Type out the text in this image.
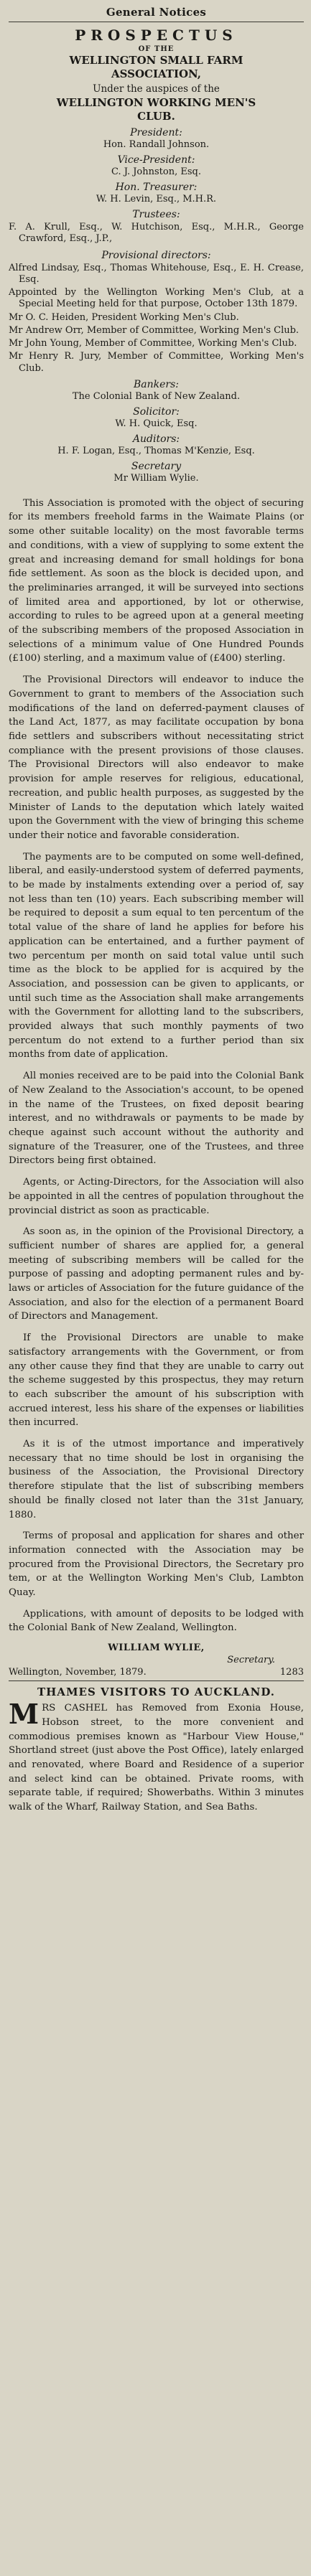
General Notices
PROSPECTUS
OF THE
WELLINGTON SMALL FARM
ASSOCIATION,
Under the auspices of the
WELLINGTON WORKING MEN'S
CLUB.
President:
Hon. Randall Johnson.
Vice-President:
C. J. Johnston, Esq.
Hon. Treasurer:
W. H. Levin, Esq., M.H.R.
Trustees:
F. A. Krull, Esq., W. Hutchison, Esq., M.H.R., George Crawford, Esq., J.P.,
Provisional directors:
Alfred Lindsay, Esq., Thomas Whitehouse, Esq., E. H. Crease, Esq.
Appointed by the Wellington Working Men's Club, at a Special Meeting held for that purpose, October 13th 1879.
Mr O. C. Heiden, President Working Men's Club.
Mr Andrew Orr, Member of Committee, Working Men's Club.
Mr John Young, Member of Committee, Working Men's Club.
Mr Henry R. Jury, Member of Committee, Working Men's Club.
Bankers:
The Colonial Bank of New Zealand.
Solicitor:
W. H. Quick, Esq.
Auditors:
H. F. Logan, Esq., Thomas M'Kenzie, Esq.
Secretary
Mr William Wylie.

This Association is promoted with the object of securing for its members freehold farms in the Waimate Plains (or some other suitable locality) on the most favorable terms and conditions, with a view of supplying to some extent the great and increasing demand for small holdings for bona fide settlement. As soon as the block is decided upon, and the preliminaries arranged, it will be surveyed into sections of limited area and apportioned, by lot or otherwise, according to rules to be agreed upon at a general meeting of the subscribing members of the proposed Association in selections of a minimum value of One Hundred Pounds (£100) sterling, and a maximum value of (£400) sterling.

The Provisional Directors will endeavor to induce the Government to grant to members of the Association such modifications of the land on deferred-payment clauses of the Land Act, 1877, as may facilitate occupation by bona fide settlers and subscribers without necessitating strict compliance with the present provisions of those clauses. The Provisional Directors will also endeavor to make provision for ample reserves for religious, educational, recreation, and public health purposes, as suggested by the Minister of Lands to the deputation which lately waited upon the Government with the view of bringing this scheme under their notice and favorable consideration.

The payments are to be computed on some well-defined, liberal, and easily-understood system of deferred payments, to be made by instalments extending over a period of, say not less than ten (10) years. Each subscribing member will be required to deposit a sum equal to ten percentum of the total value of the share of land he applies for before his application can be entertained, and a further payment of two percentum per month on said total value until such time as the block to be applied for is acquired by the Association, and possession can be given to applicants, or until such time as the Association shall make arrangements with the Government for allotting land to the subscribers, provided always that such monthly payments of two percentum do not extend to a further period than six months from date of application.

All monies received are to be paid into the Colonial Bank of New Zealand to the Association's account, to be opened in the name of the Trustees, on fixed deposit bearing interest, and no withdrawals or payments to be made by cheque against such account without the authority and signature of the Treasurer, one of the Trustees, and three Directors being first obtained.

Agents, or Acting-Directors, for the Association will also be appointed in all the centres of population throughout the provincial district as soon as practicable.

As soon as, in the opinion of the Provisional Directory, a sufficient number of shares are applied for, a general meeting of subscribing members will be called for the purpose of passing and adopting permanent rules and by-laws or articles of Association for the future guidance of the Association, and also for the election of a permanent Board of Directors and Management.

If the Provisional Directors are unable to make satisfactory arrangements with the Government, or from any other cause they find that they are unable to carry out the scheme suggested by this prospectus, they may return to each subscriber the amount of his subscription with accrued interest, less his share of the expenses or liabilities then incurred.

As it is of the utmost importance and imperatively necessary that no time should be lost in organising the business of the Association, the Provisional Directory therefore stipulate that the list of subscribing members should be finally closed not later than the 31st January, 1880.

Terms of proposal and application for shares and other information connected with the Association may be procured from the Provisional Directors, the Secretary pro tem, or at the Wellington Working Men's Club, Lambton Quay.

Applications, with amount of deposits to be lodged with the Colonial Bank of New Zealand, Wellington.

WILLIAM WYLIE,
Secretary.
Wellington, November, 1879.	1283
THAMES VISITORS TO AUCKLAND.

MRS CASHEL has Removed from Exonia House, Hobson street, to the more convenient and commodious premises known as "Harbour View House," Shortland street (just above the Post Office), lately enlarged and renovated, where Board and Residence of a superior and select kind can be obtained. Private rooms, with separate table, if required; Showerbaths. Within 3 minutes walk of the Wharf, Railway Station, and Sea Baths.
